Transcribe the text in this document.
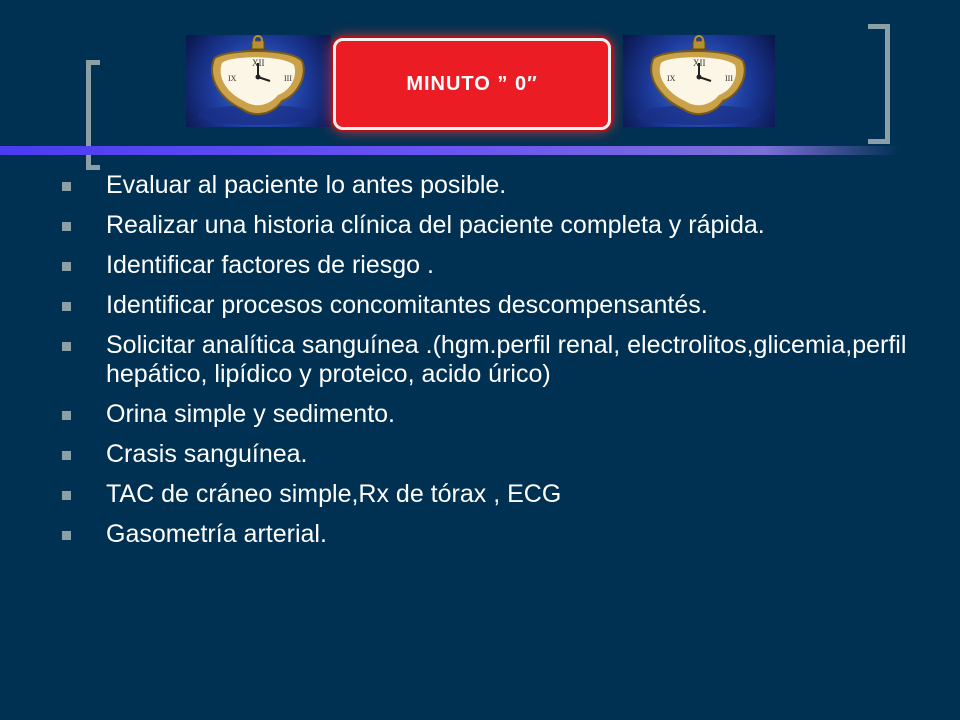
XII
III
IX	MINUTO ” 0″
XII
III
IX
Evaluar al paciente lo antes posible.
Realizar una historia clínica del paciente completa y rápida.
Identificar factores de riesgo .
Identificar procesos concomitantes descompensantés.
Solicitar analítica sanguínea .(hgm.perfil renal, electrolitos,glicemia,perfil hepático, lipídico y proteico, acido úrico)
Orina simple y sedimento.
Crasis sanguínea.
TAC de cráneo simple,Rx de tórax , ECG
Gasometría arterial.
